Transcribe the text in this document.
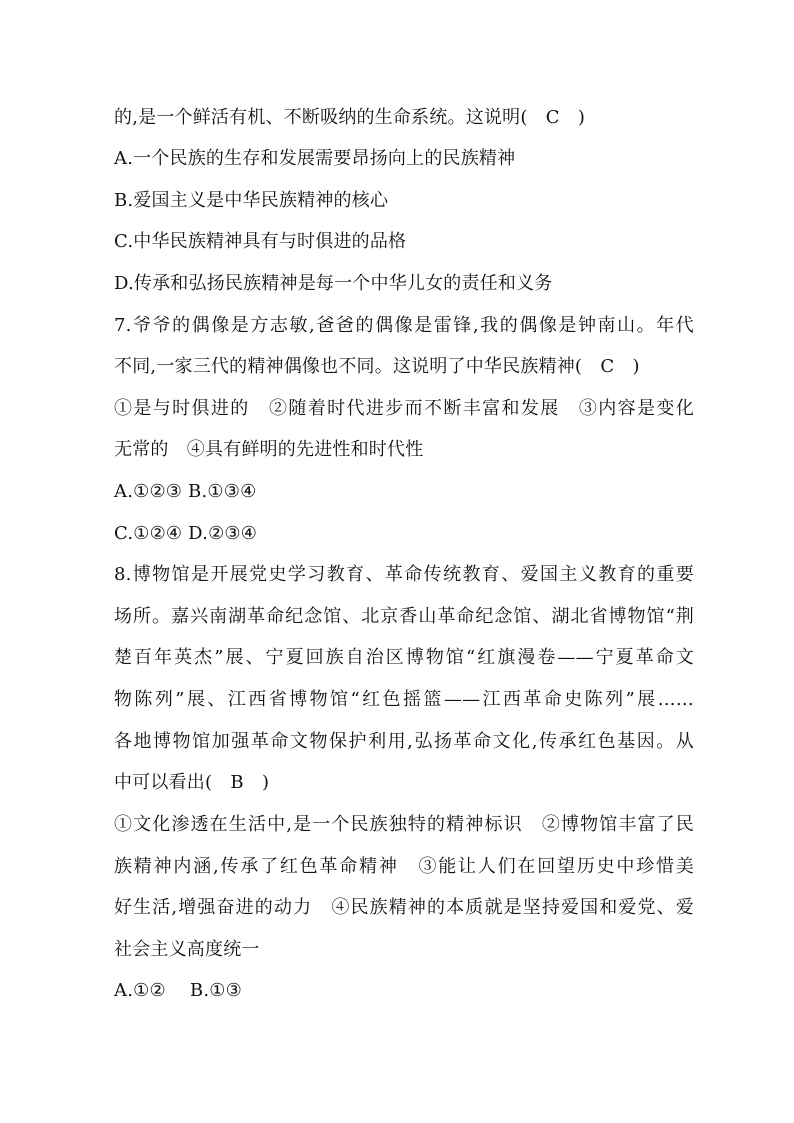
的,是一个鲜活有机、不断吸纳的生命系统。这说明(　C　)
A.一个民族的生存和发展需要昂扬向上的民族精神
B.爱国主义是中华民族精神的核心
C.中华民族精神具有与时俱进的品格
D.传承和弘扬民族精神是每一个中华儿女的责任和义务
7.爷爷的偶像是方志敏,爸爸的偶像是雷锋,我的偶像是钟南山。年代
不同,一家三代的精神偶像也不同。这说明了中华民族精神(　C　)
①是与时俱进的　②随着时代进步而不断丰富和发展　③内容是变化
无常的　④具有鲜明的先进性和时代性
A.①②③ B.①③④
C.①②④ D.②③④
8.博物馆是开展党史学习教育、革命传统教育、爱国主义教育的重要
场所。嘉兴南湖革命纪念馆、北京香山革命纪念馆、湖北省博物馆“荆
楚百年英杰”展、宁夏回族自治区博物馆“红旗漫卷——宁夏革命文
物陈列”展、江西省博物馆“红色摇篮——江西革命史陈列”展……
各地博物馆加强革命文物保护利用,弘扬革命文化,传承红色基因。从
中可以看出(　B　)
①文化渗透在生活中,是一个民族独特的精神标识　②博物馆丰富了民
族精神内涵,传承了红色革命精神　③能让人们在回望历史中珍惜美
好生活,增强奋进的动力　④民族精神的本质就是坚持爱国和爱党、爱
社会主义高度统一
A.①②　 B.①③
